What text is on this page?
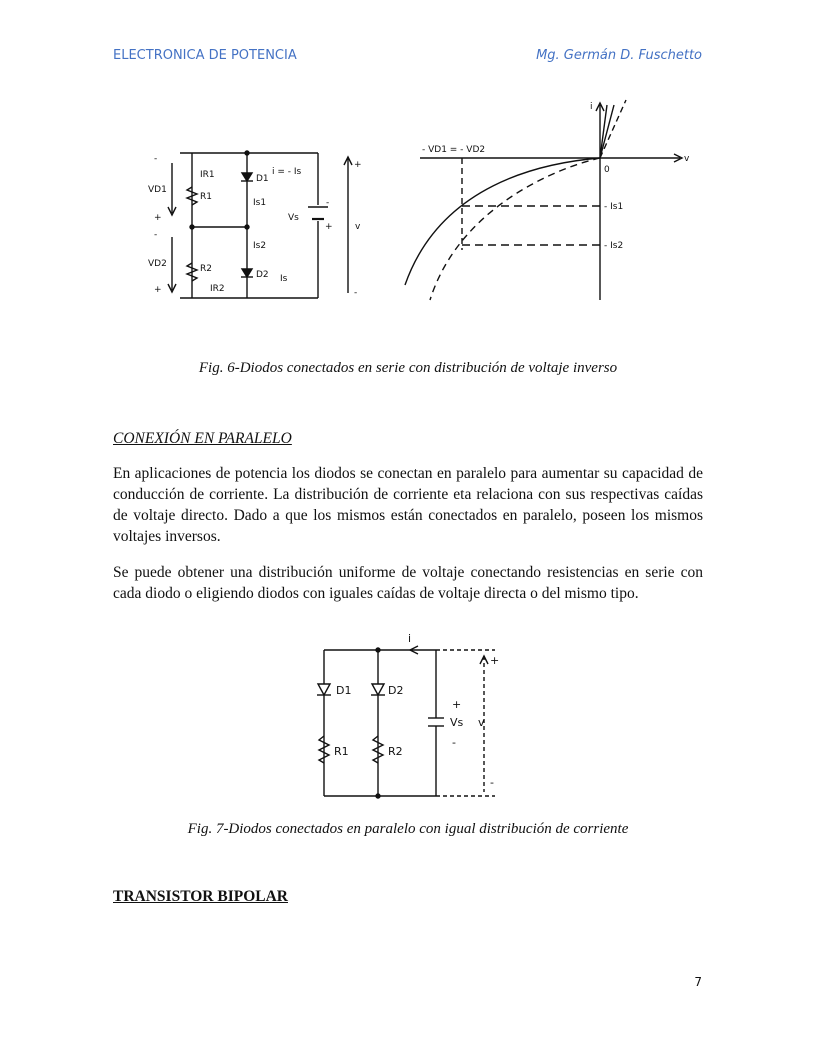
ELECTRONICA DE POTENCIA	Mg. Germán D. Fuschetto
IR1
R1
R2
IR2
D1
D2
i = - Is
Is1
Is2
Is
Vs
v
VD1
VD2
-
+
-
+
+
-
-
+
- VD1 = - VD2
v
i
0
- Is1
- Is2
Fig. 6-Diodos conectados en serie con distribución de voltaje inverso
CONEXIÓN EN PARALELO

En aplicaciones de potencia los diodos se conectan en paralelo para aumentar su capacidad de conducción de corriente. La distribución de corriente eta relaciona con sus respectivas caídas de voltaje directo. Dado a que los mismos están conectados en paralelo, poseen los mismos voltajes inversos.

Se puede obtener una distribución uniforme de voltaje conectando resistencias en serie con cada diodo o eligiendo diodos con iguales caídas de voltaje directa o del mismo tipo.

i
D1	D2
R1	R2
Vs v
+
-
+
-
Fig. 7-Diodos conectados en paralelo con igual distribución de corriente
TRANSISTOR BIPOLAR
7
